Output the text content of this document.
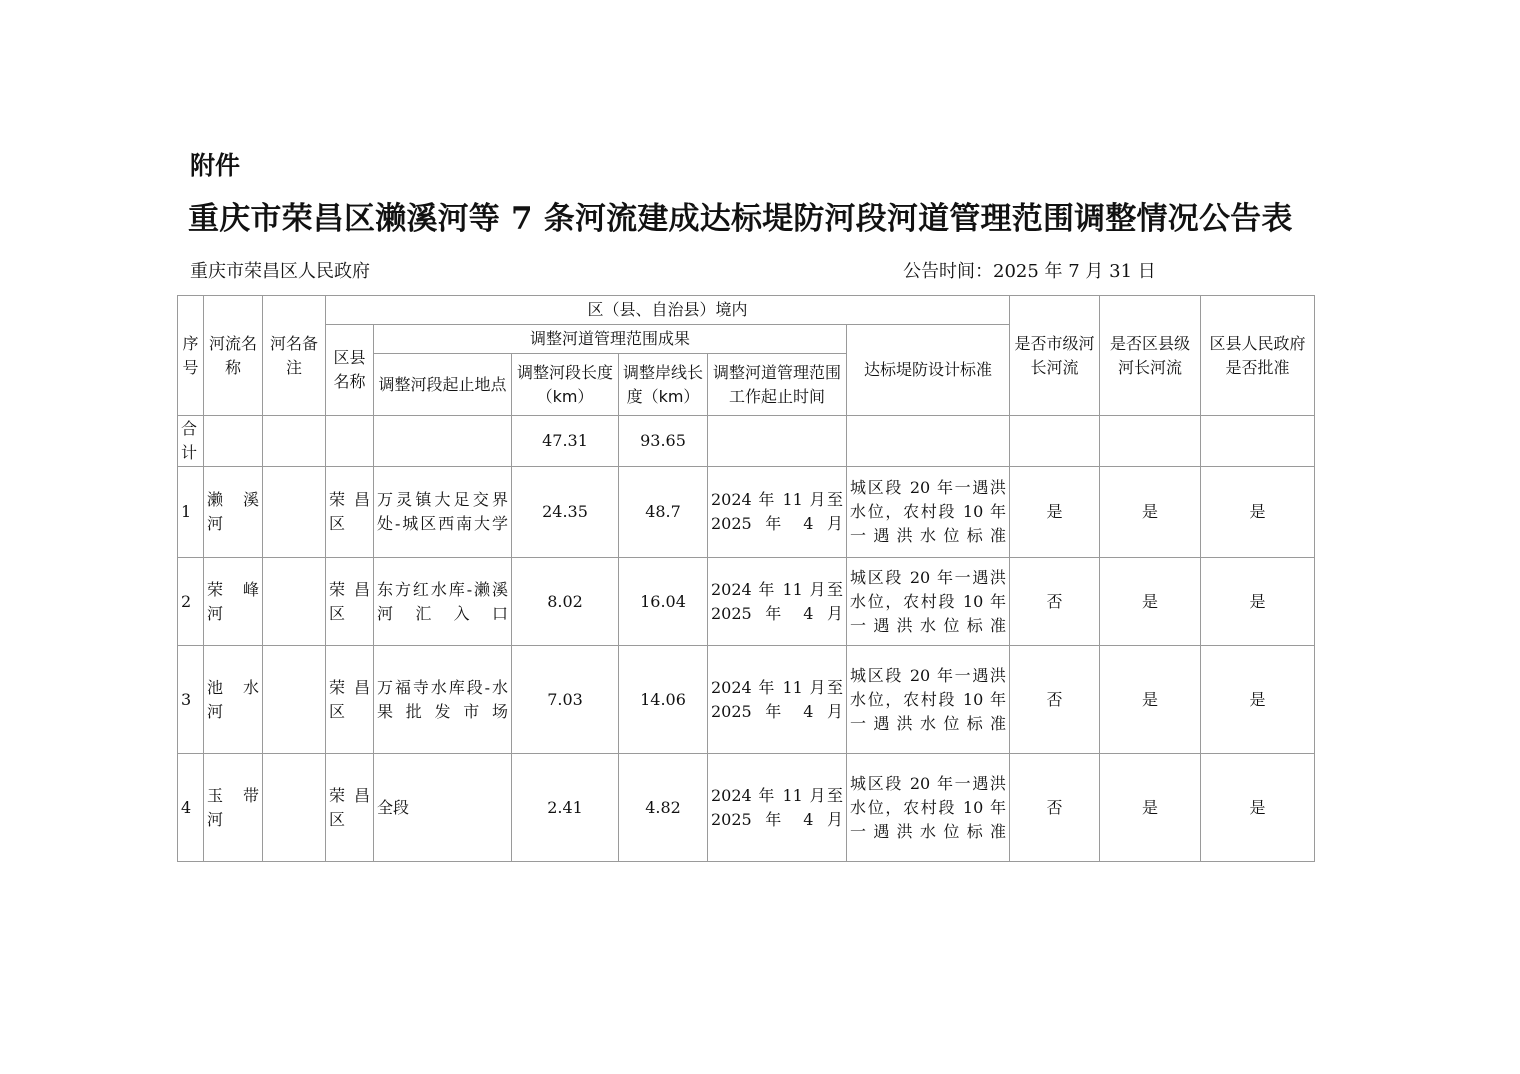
附件
重庆市荣昌区濑溪河等 7 条河流建成达标堤防河段河道管理范围调整情况公告表
重庆市荣昌区人民政府	公告时间：2025 年 7 月 31 日
序号	河流名称	河名备注	区（县、自治县）境内						是否市级河长河流	是否区县级河长河流	区县人民政府是否批准
			区县名称	调整河道管理范围成果				达标堤防设计标准			
				调整河段起止地点	调整河段长度（km）	调整岸线长度（km）	调整河道管理范围工作起止时间				
合计					47.31	93.65					
1	濑 溪 河		荣 昌 区	万灵镇大足交界处-城区西南大学	24.35	48.7	2024 年 11 月至 2025 年 4 月	城区段 20 年一遇洪水位，农村段 10 年一遇洪水位标准	是	是	是
2	荣 峰 河		荣 昌 区	东方红水库-濑溪河汇入口	8.02	16.04	2024 年 11 月至 2025 年 4 月	城区段 20 年一遇洪水位，农村段 10 年一遇洪水位标准	否	是	是
3	池 水 河		荣 昌 区	万福寺水库段-水果批发市场	7.03	14.06	2024 年 11 月至 2025 年 4 月	城区段 20 年一遇洪水位，农村段 10 年一遇洪水位标准	否	是	是
4	玉 带 河		荣 昌 区	全段	2.41	4.82	2024 年 11 月至 2025 年 4 月	城区段 20 年一遇洪水位，农村段 10 年一遇洪水位标准	否	是	是
